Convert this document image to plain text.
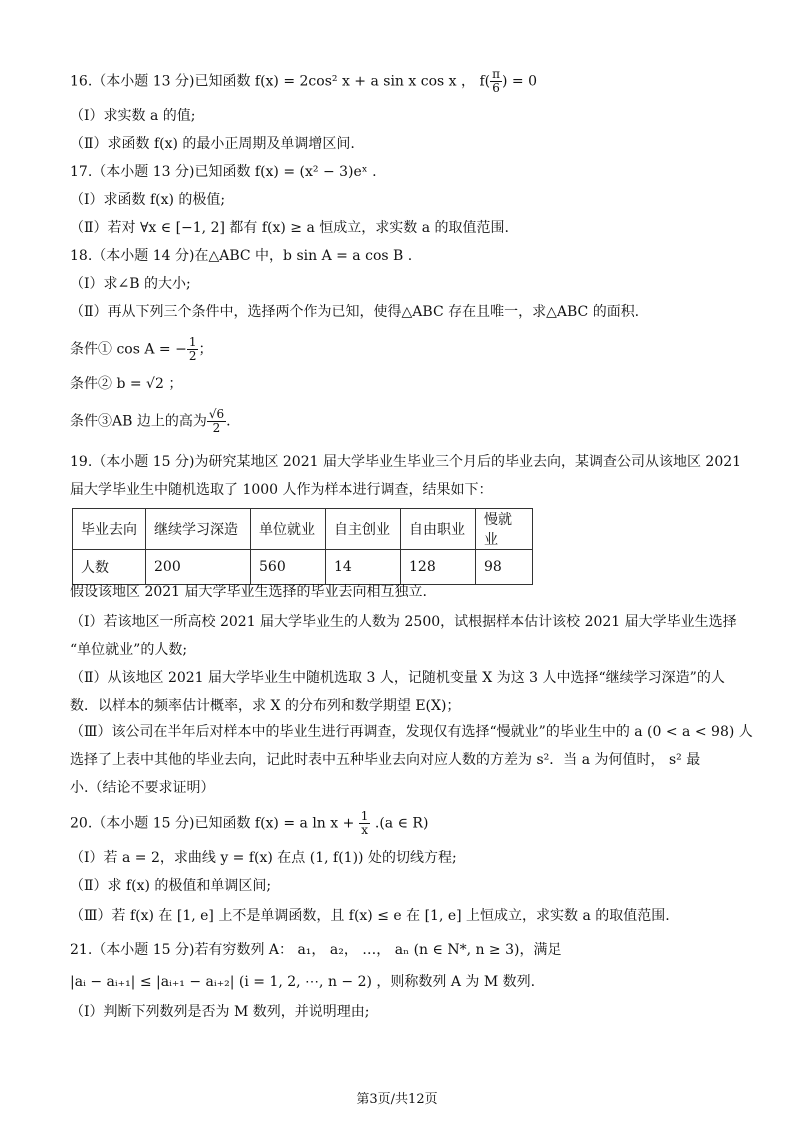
16.（本小题 13 分)已知函数 f(x) = 2cos² x + a sin x cos x ， $f( \frac{\pi}{6}$ ) = 0
（Ⅰ）求实数 a 的值;
（Ⅱ）求函数 f(x) 的最小正周期及单调增区间.
17.（本小题 13 分)已知函数 f(x) = (x² − 3)eˣ .
（Ⅰ）求函数 f(x) 的极值;
（Ⅱ）若对 ∀x ∈ [−1, 2] 都有 f(x) ≥ a 恒成立，求实数 a 的取值范围.
18.（本小题 14 分)在△ABC 中，b sin A = a cos B .
（Ⅰ）求∠B 的大小;
（Ⅱ）再从下列三个条件中，选择两个作为已知，使得△ABC 存在且唯一，求△ABC 的面积.
条件① cos A = − $\frac{1}{2}$ ；
条件② b = √2 ；
条件③AB 边上的高为 $\frac{√6}{2}$ .
19.（本小题 15 分)为研究某地区 2021 届大学毕业生毕业三个月后的毕业去向，某调查公司从该地区 2021
届大学毕业生中随机选取了 1000 人作为样本进行调查，结果如下：
毕业去向	继续学习深造	单位就业	自主创业	自由职业	慢就业
人数	200	560	14	128	98
假设该地区 2021 届大学毕业生选择的毕业去向相互独立.
（Ⅰ）若该地区一所高校 2021 届大学毕业生的人数为 2500，试根据样本估计该校 2021 届大学毕业生选择
“单位就业”的人数;
（Ⅱ）从该地区 2021 届大学毕业生中随机选取 3 人，记随机变量 X 为这 3 人中选择“继续学习深造”的人
数．以样本的频率估计概率，求 X 的分布列和数学期望 E(X)；
（Ⅲ）该公司在半年后对样本中的毕业生进行再调查，发现仅有选择“慢就业”的毕业生中的 a (0 < a < 98) 人
选择了上表中其他的毕业去向，记此时表中五种毕业去向对应人数的方差为 s²．当 a 为何值时， s² 最
小.（结论不要求证明）
20.（本小题 15 分)已知函数 f(x) = a $\ln x + \frac{1}{x} .(a$ ∈ R)
（Ⅰ）若 a = 2，求曲线 y = f(x) 在点 (1, f(1)) 处的切线方程;
（Ⅱ）求 f(x) 的极值和单调区间;
（Ⅲ）若 f(x) 在 [1, e] 上不是单调函数，且 f(x) ≤ e 在 [1, e] 上恒成立，求实数 a 的取值范围.
21.（本小题 15 分)若有穷数列 A： a₁， a₂， …， aₙ (n ∈ N*, n ≥ 3)，满足
|aᵢ − aᵢ₊₁| ≤ |aᵢ₊₁ − aᵢ₊₂| (i = 1, 2, ⋯, n − 2) ，则称数列 A 为 M 数列.
（Ⅰ）判断下列数列是否为 M 数列，并说明理由;
第3页/共12页
